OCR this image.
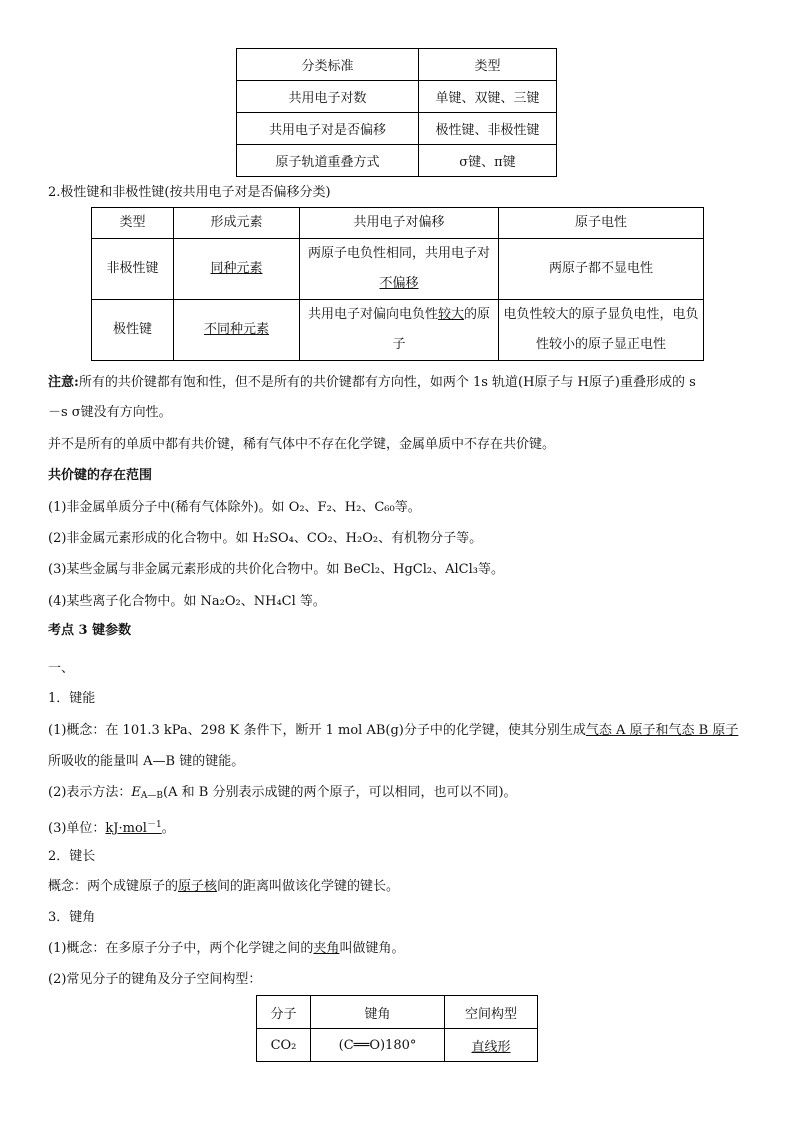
分类标准	类型
共用电子对数	单键、双键、三键
共用电子对是否偏移	极性键、非极性键
原子轨道重叠方式	σ键、π键
2.极性键和非极性键(按共用电子对是否偏移分类)
类型	形成元素	共用电子对偏移	原子电性
非极性键	同种元素	两原子电负性相同，共用电子对不偏移	两原子都不显电性
极性键	不同种元素	共用电子对偏向电负性较大的原子	电负性较大的原子显负电性，电负性较小的原子显正电性
注意:所有的共价键都有饱和性，但不是所有的共价键都有方向性，如两个 1s 轨道(H原子与 H原子)重叠形成的 s
－s σ键没有方向性。
并不是所有的单质中都有共价键，稀有气体中不存在化学键，金属单质中不存在共价键。
共价键的存在范围
(1)非金属单质分子中(稀有气体除外)。如 O₂、F₂、H₂、C₆₀等。
(2)非金属元素形成的化合物中。如 H₂SO₄、CO₂、H₂O₂、有机物分子等。
(3)某些金属与非金属元素形成的共价化合物中。如 BeCl₂、HgCl₂、AlCl₃等。
(4)某些离子化合物中。如 Na₂O₂、NH₄Cl 等。
考点 3 键参数
一、
1．键能
(1)概念：在 101.3 kPa、298 K 条件下，断开 1 mol AB(g)分子中的化学键，使其分别生成气态 A 原子和气态 B 原子
所吸收的能量叫 A—B 键的键能。
(2)表示方法：$E_{A—B}(A$ 和 B 分别表示成键的两个原子，可以相同，也可以不同)。
(3)单位：kJ·mol$^{-1}$。
2．键长
概念：两个成键原子的原子核间的距离叫做该化学键的键长。
3．键角
(1)概念：在多原子分子中，两个化学键之间的夹角叫做键角。
(2)常见分子的键角及分子空间构型：
分子	键角	空间构型
CO₂	(C══O)180°	直线形
